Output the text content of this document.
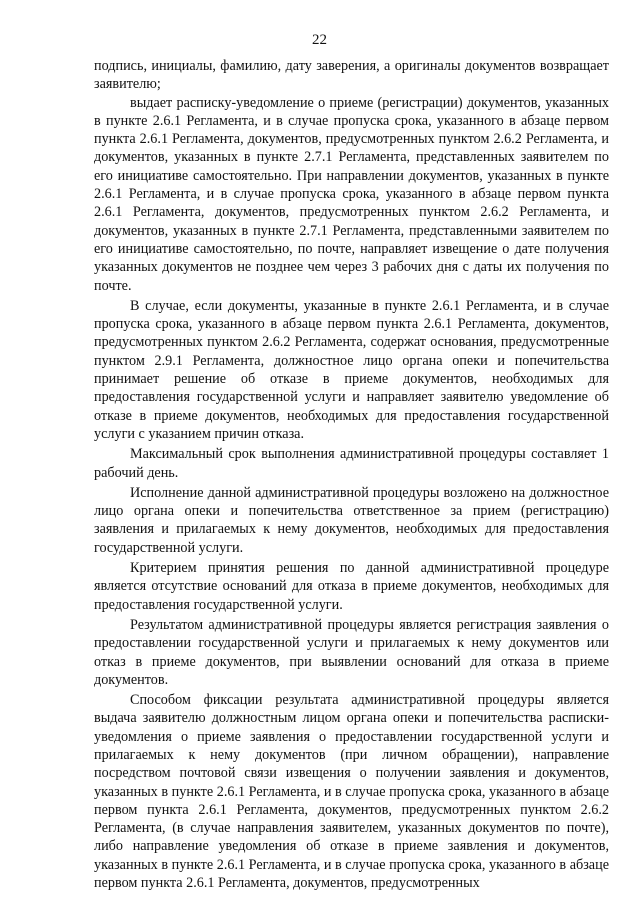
22

подпись, инициалы, фамилию, дату заверения, а оригиналы документов возвращает заявителю;

выдает расписку-уведомление о приеме (регистрации) документов, указанных в пункте 2.6.1 Регламента, и в случае пропуска срока, указанного в абзаце первом пункта 2.6.1 Регламента, документов, предусмотренных пунктом 2.6.2 Регламента, и документов, указанных в пункте 2.7.1 Регламента, представленных заявителем по его инициативе самостоятельно. При направлении документов, указанных в пункте 2.6.1 Регламента, и в случае пропуска срока, указанного в абзаце первом пункта 2.6.1 Регламента, документов, предусмотренных пунктом 2.6.2 Регламента, и документов, указанных в пункте 2.7.1 Регламента, представленными заявителем по его инициативе самостоятельно, по почте, направляет извещение о дате получения указанных документов не позднее чем через 3 рабочих дня с даты их получения по почте.

В случае, если документы, указанные в пункте 2.6.1 Регламента, и в случае пропуска срока, указанного в абзаце первом пункта 2.6.1 Регламента, документов, предусмотренных пунктом 2.6.2 Регламента, содержат основания, предусмотренные пунктом 2.9.1 Регламента, должностное лицо органа опеки и попечительства принимает решение об отказе в приеме документов, необходимых для предоставления государственной услуги и направляет заявителю уведомление об отказе в приеме документов, необходимых для предоставления государственной услуги с указанием причин отказа.

Максимальный срок выполнения административной процедуры составляет 1 рабочий день.

Исполнение данной административной процедуры возложено на должностное лицо органа опеки и попечительства ответственное за прием (регистрацию) заявления и прилагаемых к нему документов, необходимых для предоставления государственной услуги.

Критерием принятия решения по данной административной процедуре является отсутствие оснований для отказа в приеме документов, необходимых для предоставления государственной услуги.

Результатом административной процедуры является регистрация заявления о предоставлении государственной услуги и прилагаемых к нему документов или отказ в приеме документов, при выявлении оснований для отказа в приеме документов.

Способом фиксации результата административной процедуры является выдача заявителю должностным лицом органа опеки и попечительства расписки-уведомления о приеме заявления о предоставлении государственной услуги и прилагаемых к нему документов (при личном обращении), направление посредством почтовой связи извещения о получении заявления и документов, указанных в пункте 2.6.1 Регламента, и в случае пропуска срока, указанного в абзаце первом пункта 2.6.1 Регламента, документов, предусмотренных пунктом 2.6.2 Регламента, (в случае направления заявителем, указанных документов по почте), либо направление уведомления об отказе в приеме заявления и документов, указанных в пункте 2.6.1 Регламента, и в случае пропуска срока, указанного в абзаце первом пункта 2.6.1 Регламента, документов, предусмотренных
